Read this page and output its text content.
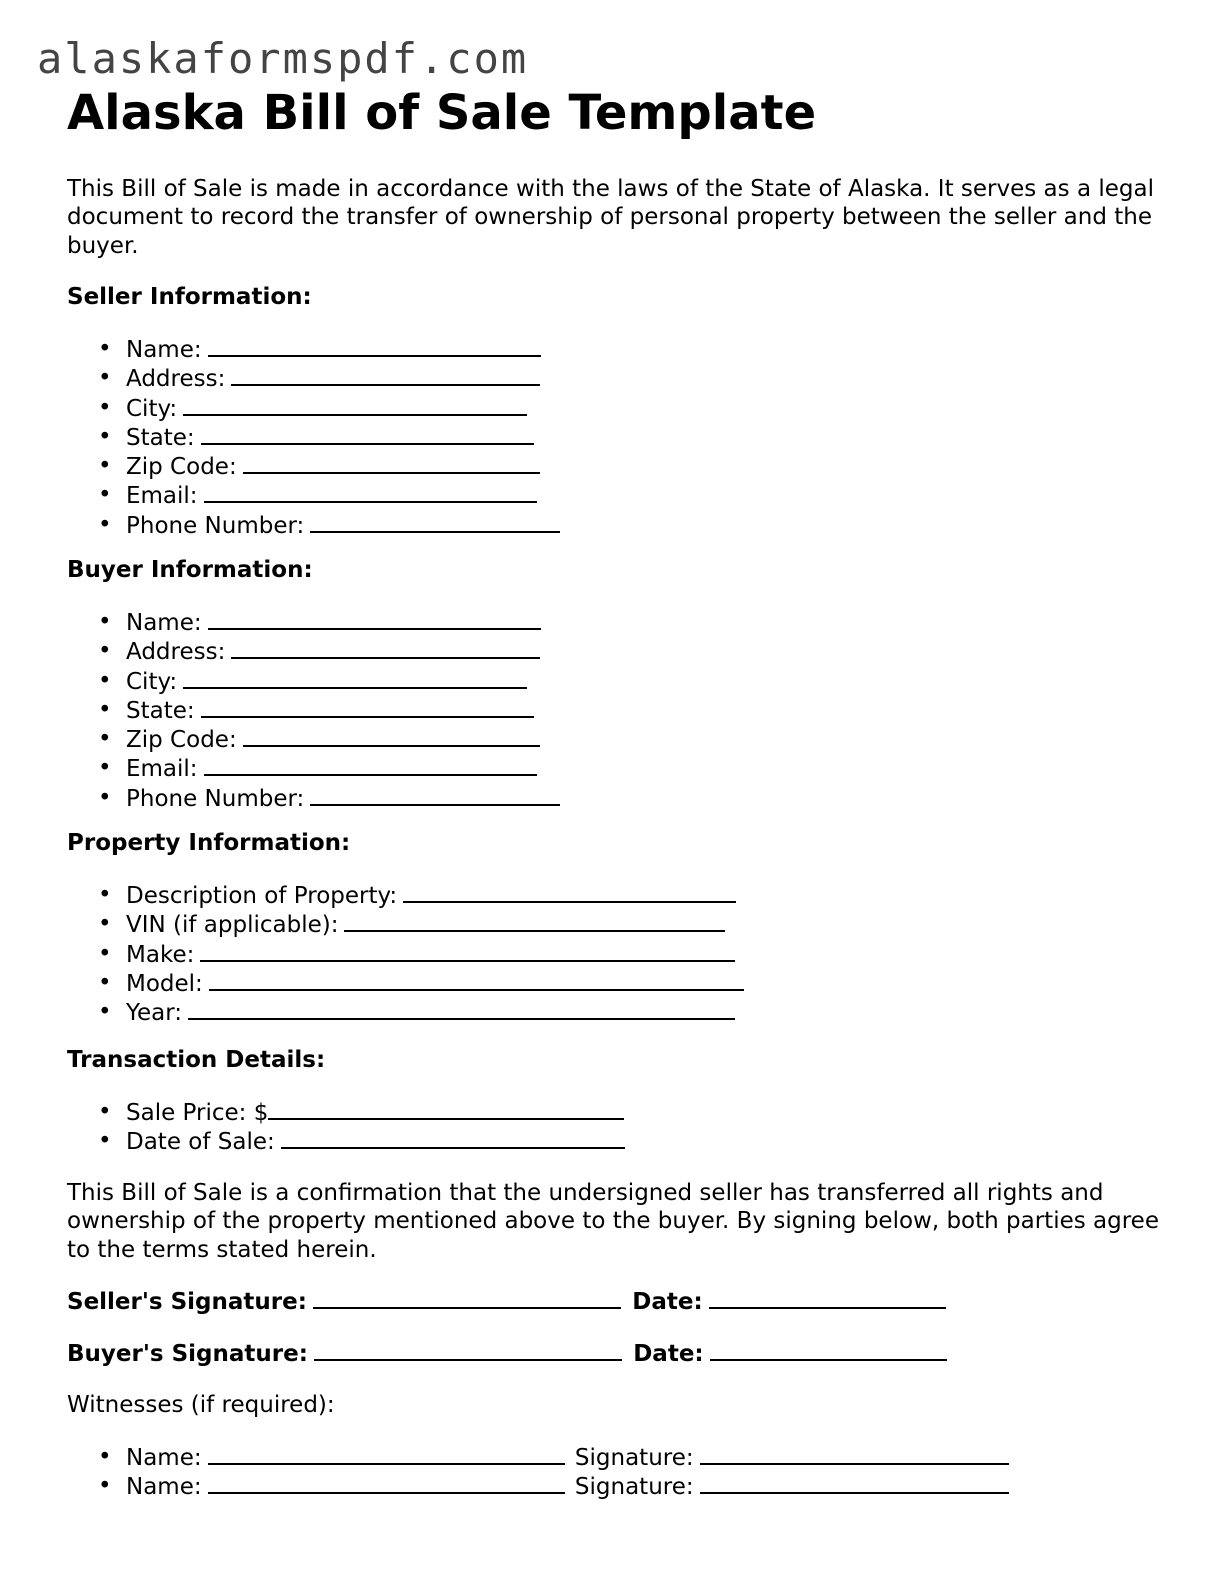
alaskaformspdf.com
Alaska Bill of Sale Template

This Bill of Sale is made in accordance with the laws of the State of Alaska. It serves as a legal document to record the transfer of ownership of personal property between the seller and the buyer.

Seller Information:

• Name:
• Address:
• City:
• State:
• Zip Code:
• Email:
• Phone Number:

Buyer Information:

• Name:
• Address:
• City:
• State:
• Zip Code:
• Email:
• Phone Number:

Property Information:

• Description of Property:
• VIN (if applicable):
• Make:
• Model:
• Year:

Transaction Details:

• Sale Price: $
• Date of Sale:

This Bill of Sale is a confirmation that the undersigned seller has transferred all rights and ownership of the property mentioned above to the buyer. By signing below, both parties agree to the terms stated herein.

Seller's Signature:	Date:
Buyer's Signature:	Date:

Witnesses (if required):

• Name:	Signature:
• Name:	Signature:
